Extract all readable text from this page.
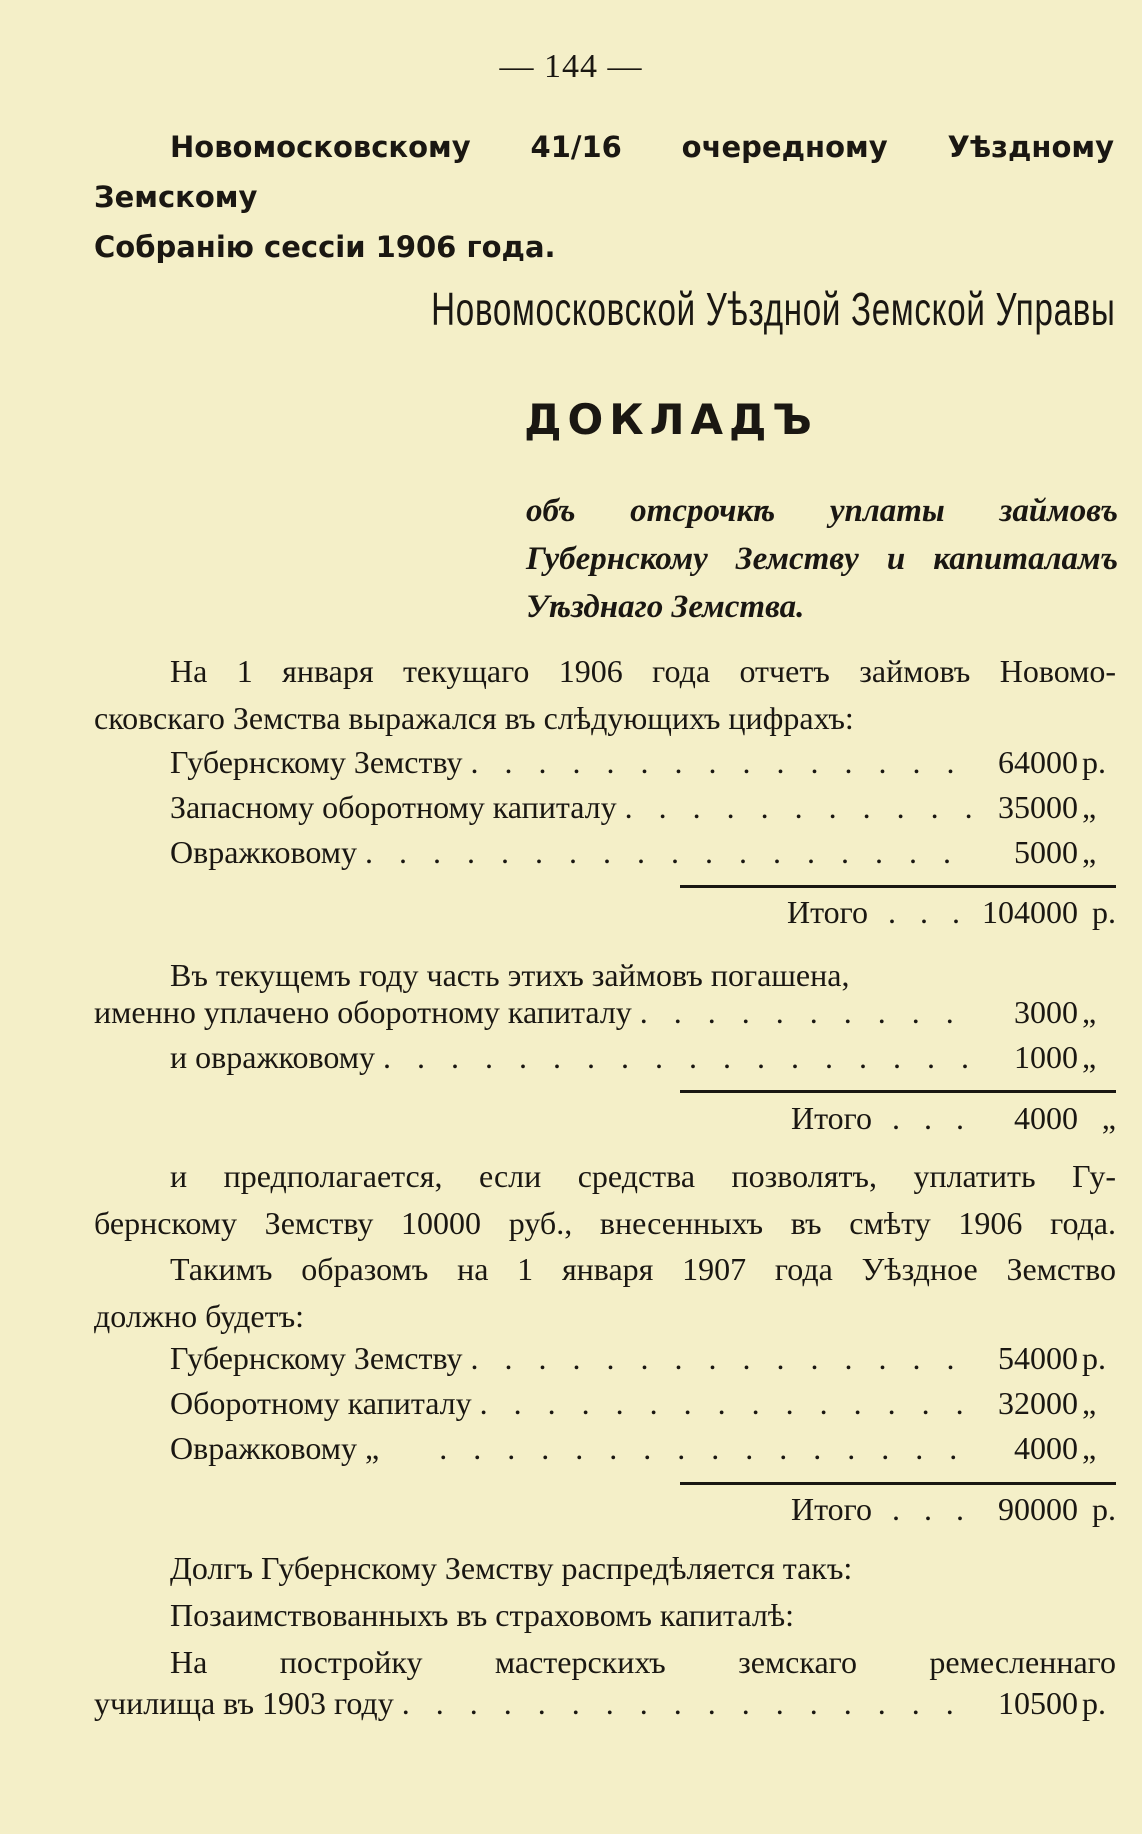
— 144 —
Новомосковскому 41/16 очередному Уѣздному Земскому
Собранію сессіи 1906 года.
Новомосковской Уѣздной Земской Управы
ДОКЛАДЪ
объ отсрочкѣ уплаты займовъ Губернскому Земству и капиталамъ Уѣзднаго Земства.
На 1 января текущаго 1906 года отчетъ займовъ Новомо-
сковскаго Земства выражался въ слѣдующихъ цифрахъ:
Губернскому Земству . . .	64000 р.
Запасному оборотному капиталу . . .	35000 „
Овражковому . . .	5000 „
Итого . . . 104000 р.
Въ текущемъ году часть этихъ займовъ погашена,
именно уплачено оборотному капиталу . . .	3000 „
и овражковому . . .	1000 „
Итого . . .	4000 „
и предполагается, если средства позволятъ, уплатить Гу-
бернскому Земству 10000 руб., внесенныхъ въ смѣту 1906 года.
Такимъ образомъ на 1 января 1907 года Уѣздное Земство
должно будетъ:
Губернскому Земству . . .	54000 р.
Оборотному капиталу . . .	32000 „
Овражковому „ . . .	4000 „
Итого . . . 90000 р.
Долгъ Губернскому Земству распредѣляется такъ:
Позаимствованныхъ въ страховомъ капиталѣ:
На постройку мастерскихъ земскаго ремесленнаго
училища въ 1903 году . . .	10500 р.
